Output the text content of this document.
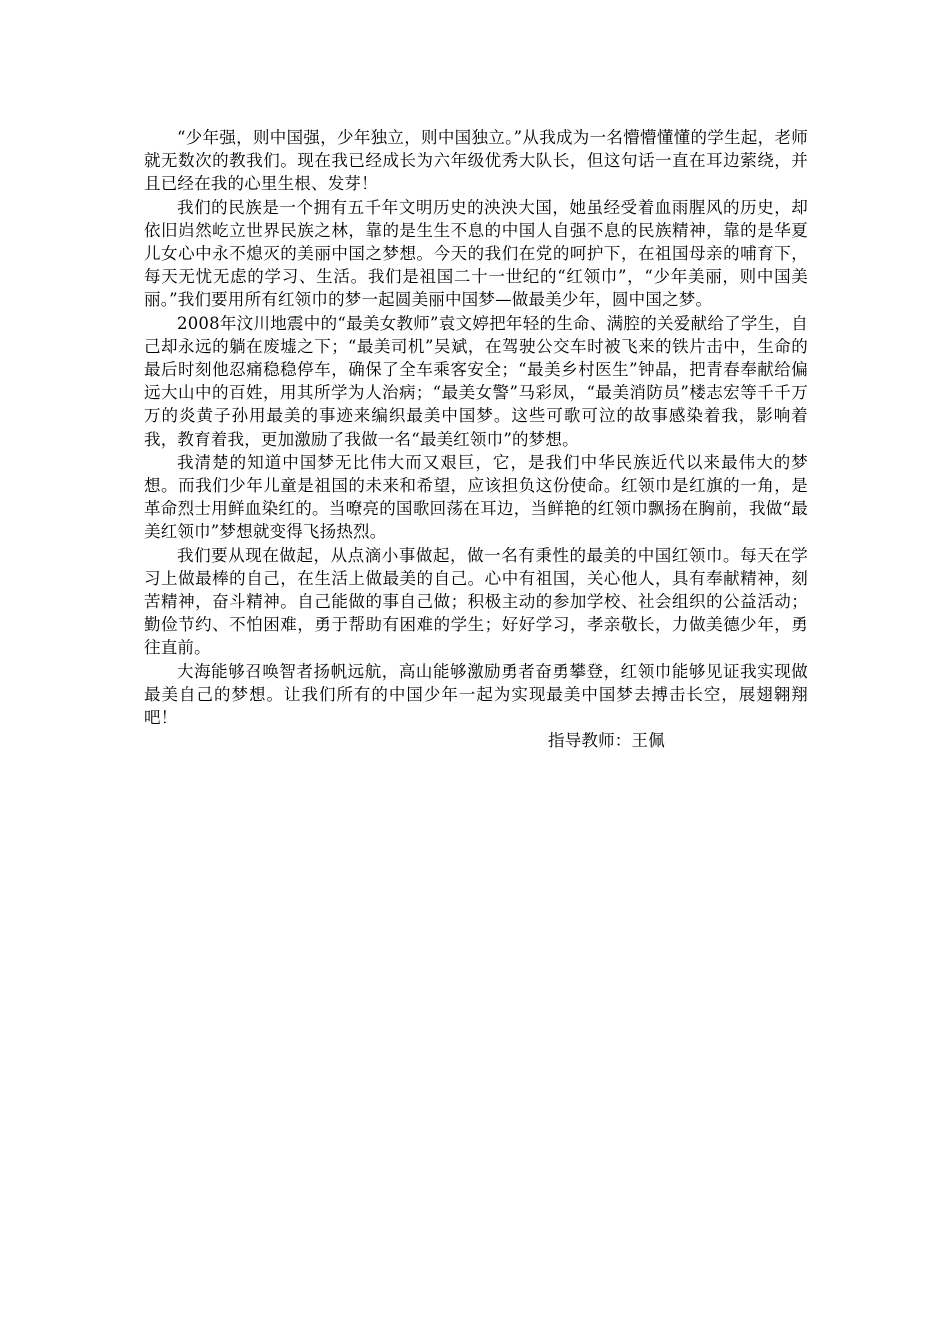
“少年强，则中国强，少年独立，则中国独立。”从我成为一名懵懵懂懂的学生起，老师就无数次的教我们。现在我已经成长为六年级优秀大队长，但这句话一直在耳边萦绕，并且已经在我的心里生根、发芽！

我们的民族是一个拥有五千年文明历史的泱泱大国，她虽经受着血雨腥风的历史，却依旧岿然屹立世界民族之林，靠的是生生不息的中国人自强不息的民族精神，靠的是华夏儿女心中永不熄灭的美丽中国之梦想。今天的我们在党的呵护下，在祖国母亲的哺育下，每天无忧无虑的学习、生活。我们是祖国二十一世纪的“红领巾”，“少年美丽，则中国美丽。”我们要用所有红领巾的梦一起圆美丽中国梦—做最美少年，圆中国之梦。

2008年汶川地震中的“最美女教师”袁文婷把年轻的生命、满腔的关爱献给了学生，自己却永远的躺在废墟之下；“最美司机”吴斌，在驾驶公交车时被飞来的铁片击中，生命的最后时刻他忍痛稳稳停车，确保了全车乘客安全；“最美乡村医生”钟晶，把青春奉献给偏远大山中的百姓，用其所学为人治病；“最美女警”马彩凤，“最美消防员”楼志宏等千千万万的炎黄子孙用最美的事迹来编织最美中国梦。这些可歌可泣的故事感染着我，影响着我，教育着我，更加激励了我做一名“最美红领巾”的梦想。

我清楚的知道中国梦无比伟大而又艰巨，它，是我们中华民族近代以来最伟大的梦想。而我们少年儿童是祖国的未来和希望，应该担负这份使命。红领巾是红旗的一角，是革命烈士用鲜血染红的。当嘹亮的国歌回荡在耳边，当鲜艳的红领巾飘扬在胸前，我做“最美红领巾”梦想就变得飞扬热烈。

我们要从现在做起，从点滴小事做起，做一名有秉性的最美的中国红领巾。每天在学习上做最棒的自己，在生活上做最美的自己。心中有祖国，关心他人，具有奉献精神，刻苦精神，奋斗精神。自己能做的事自己做；积极主动的参加学校、社会组织的公益活动；勤俭节约、不怕困难，勇于帮助有困难的学生；好好学习，孝亲敬长，力做美德少年，勇往直前。

大海能够召唤智者扬帆远航，高山能够激励勇者奋勇攀登，红领巾能够见证我实现做最美自己的梦想。让我们所有的中国少年一起为实现最美中国梦去搏击长空，展翅翱翔吧！

指导教师：王佩
